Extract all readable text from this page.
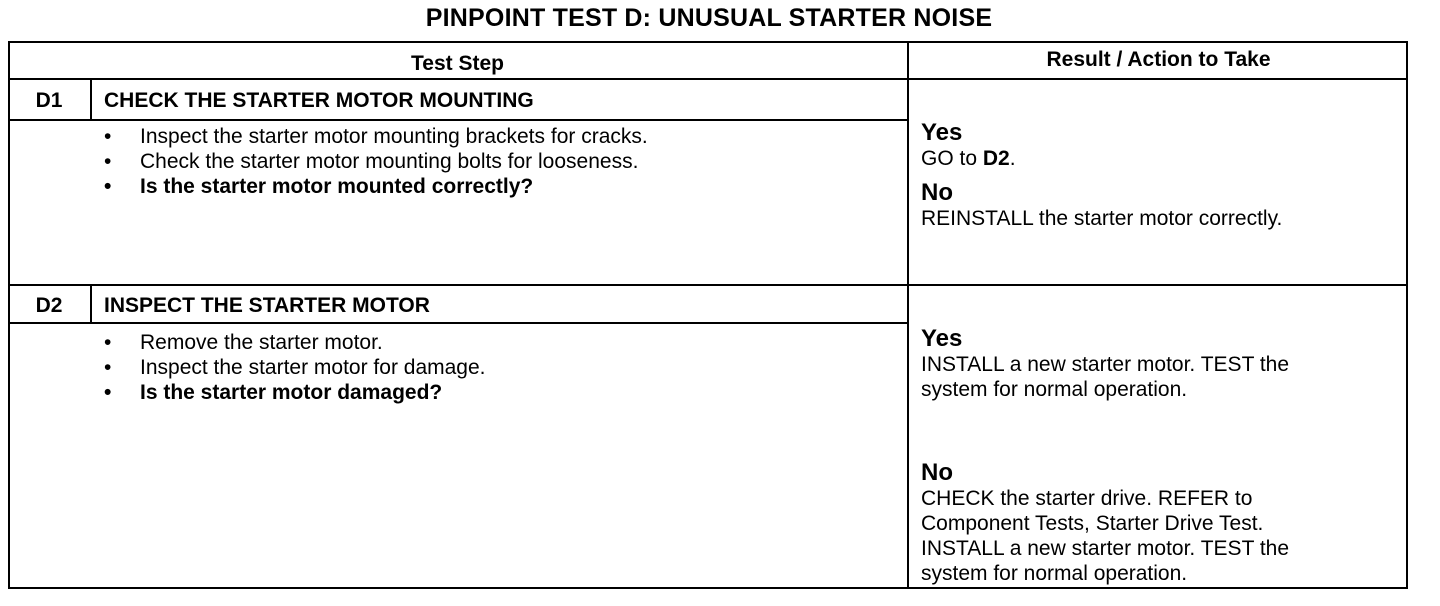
PINPOINT TEST D: UNUSUAL STARTER NOISE
Test Step	Result / Action to Take
D1	CHECK THE STARTER MOTOR MOUNTING
• Inspect the starter motor mounting brackets for cracks.
• Check the starter motor mounting bolts for looseness.
• Is the starter motor mounted correctly?
Yes
GO to D2.
No
REINSTALL the starter motor correctly.
D2	INSPECT THE STARTER MOTOR
• Remove the starter motor.
• Inspect the starter motor for damage.
• Is the starter motor damaged?
Yes
INSTALL a new starter motor. TEST the
system for normal operation.
No
CHECK the starter drive. REFER to
Component Tests, Starter Drive Test.
INSTALL a new starter motor. TEST the
system for normal operation.
